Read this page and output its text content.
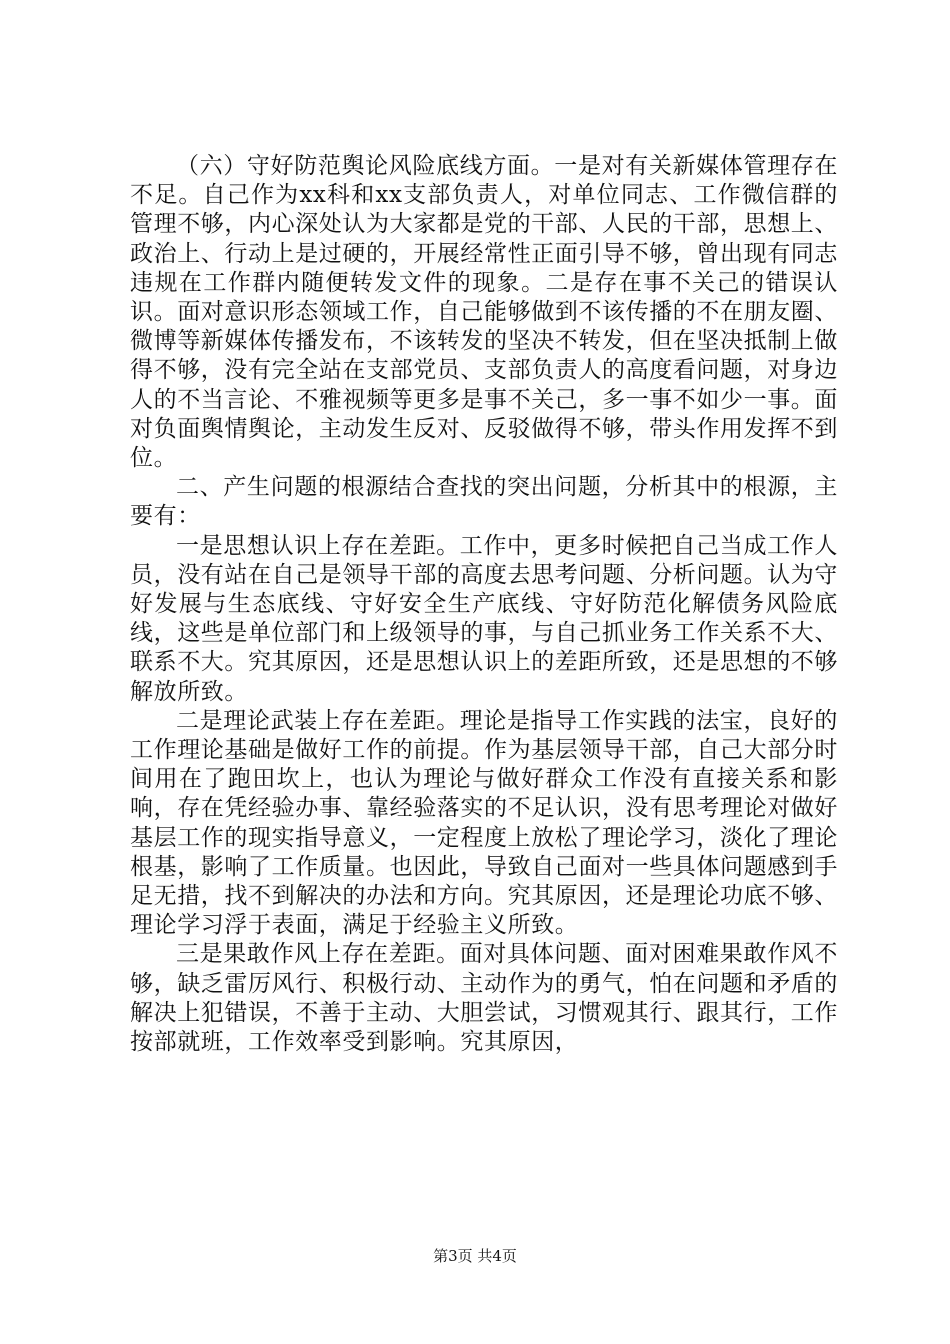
（六）守好防范舆论风险底线方面。一是对有关新媒体管理存在不足。自己作为xx科和xx支部负责人，对单位同志、工作微信群的管理不够，内心深处认为大家都是党的干部、人民的干部，思想上、政治上、行动上是过硬的，开展经常性正面引导不够，曾出现有同志违规在工作群内随便转发文件的现象。二是存在事不关己的错误认识。面对意识形态领域工作，自己能够做到不该传播的不在朋友圈、微博等新媒体传播发布，不该转发的坚决不转发，但在坚决抵制上做得不够，没有完全站在支部党员、支部负责人的高度看问题，对身边人的不当言论、不雅视频等更多是事不关己，多一事不如少一事。面对负面舆情舆论，主动发生反对、反驳做得不够，带头作用发挥不到位。

二、产生问题的根源结合查找的突出问题，分析其中的根源，主要有：

一是思想认识上存在差距。工作中，更多时候把自己当成工作人员，没有站在自己是领导干部的高度去思考问题、分析问题。认为守好发展与生态底线、守好安全生产底线、守好防范化解债务风险底线，这些是单位部门和上级领导的事，与自己抓业务工作关系不大、联系不大。究其原因，还是思想认识上的差距所致，还是思想的不够解放所致。

二是理论武装上存在差距。理论是指导工作实践的法宝，良好的工作理论基础是做好工作的前提。作为基层领导干部，自己大部分时间用在了跑田坎上，也认为理论与做好群众工作没有直接关系和影响，存在凭经验办事、靠经验落实的不足认识，没有思考理论对做好基层工作的现实指导意义，一定程度上放松了理论学习，淡化了理论根基，影响了工作质量。也因此，导致自己面对一些具体问题感到手足无措，找不到解决的办法和方向。究其原因，还是理论功底不够、理论学习浮于表面，满足于经验主义所致。

三是果敢作风上存在差距。面对具体问题、面对困难果敢作风不够，缺乏雷厉风行、积极行动、主动作为的勇气，怕在问题和矛盾的解决上犯错误，不善于主动、大胆尝试，习惯观其行、跟其行，工作按部就班，工作效率受到影响。究其原因，

第3页 共4页
